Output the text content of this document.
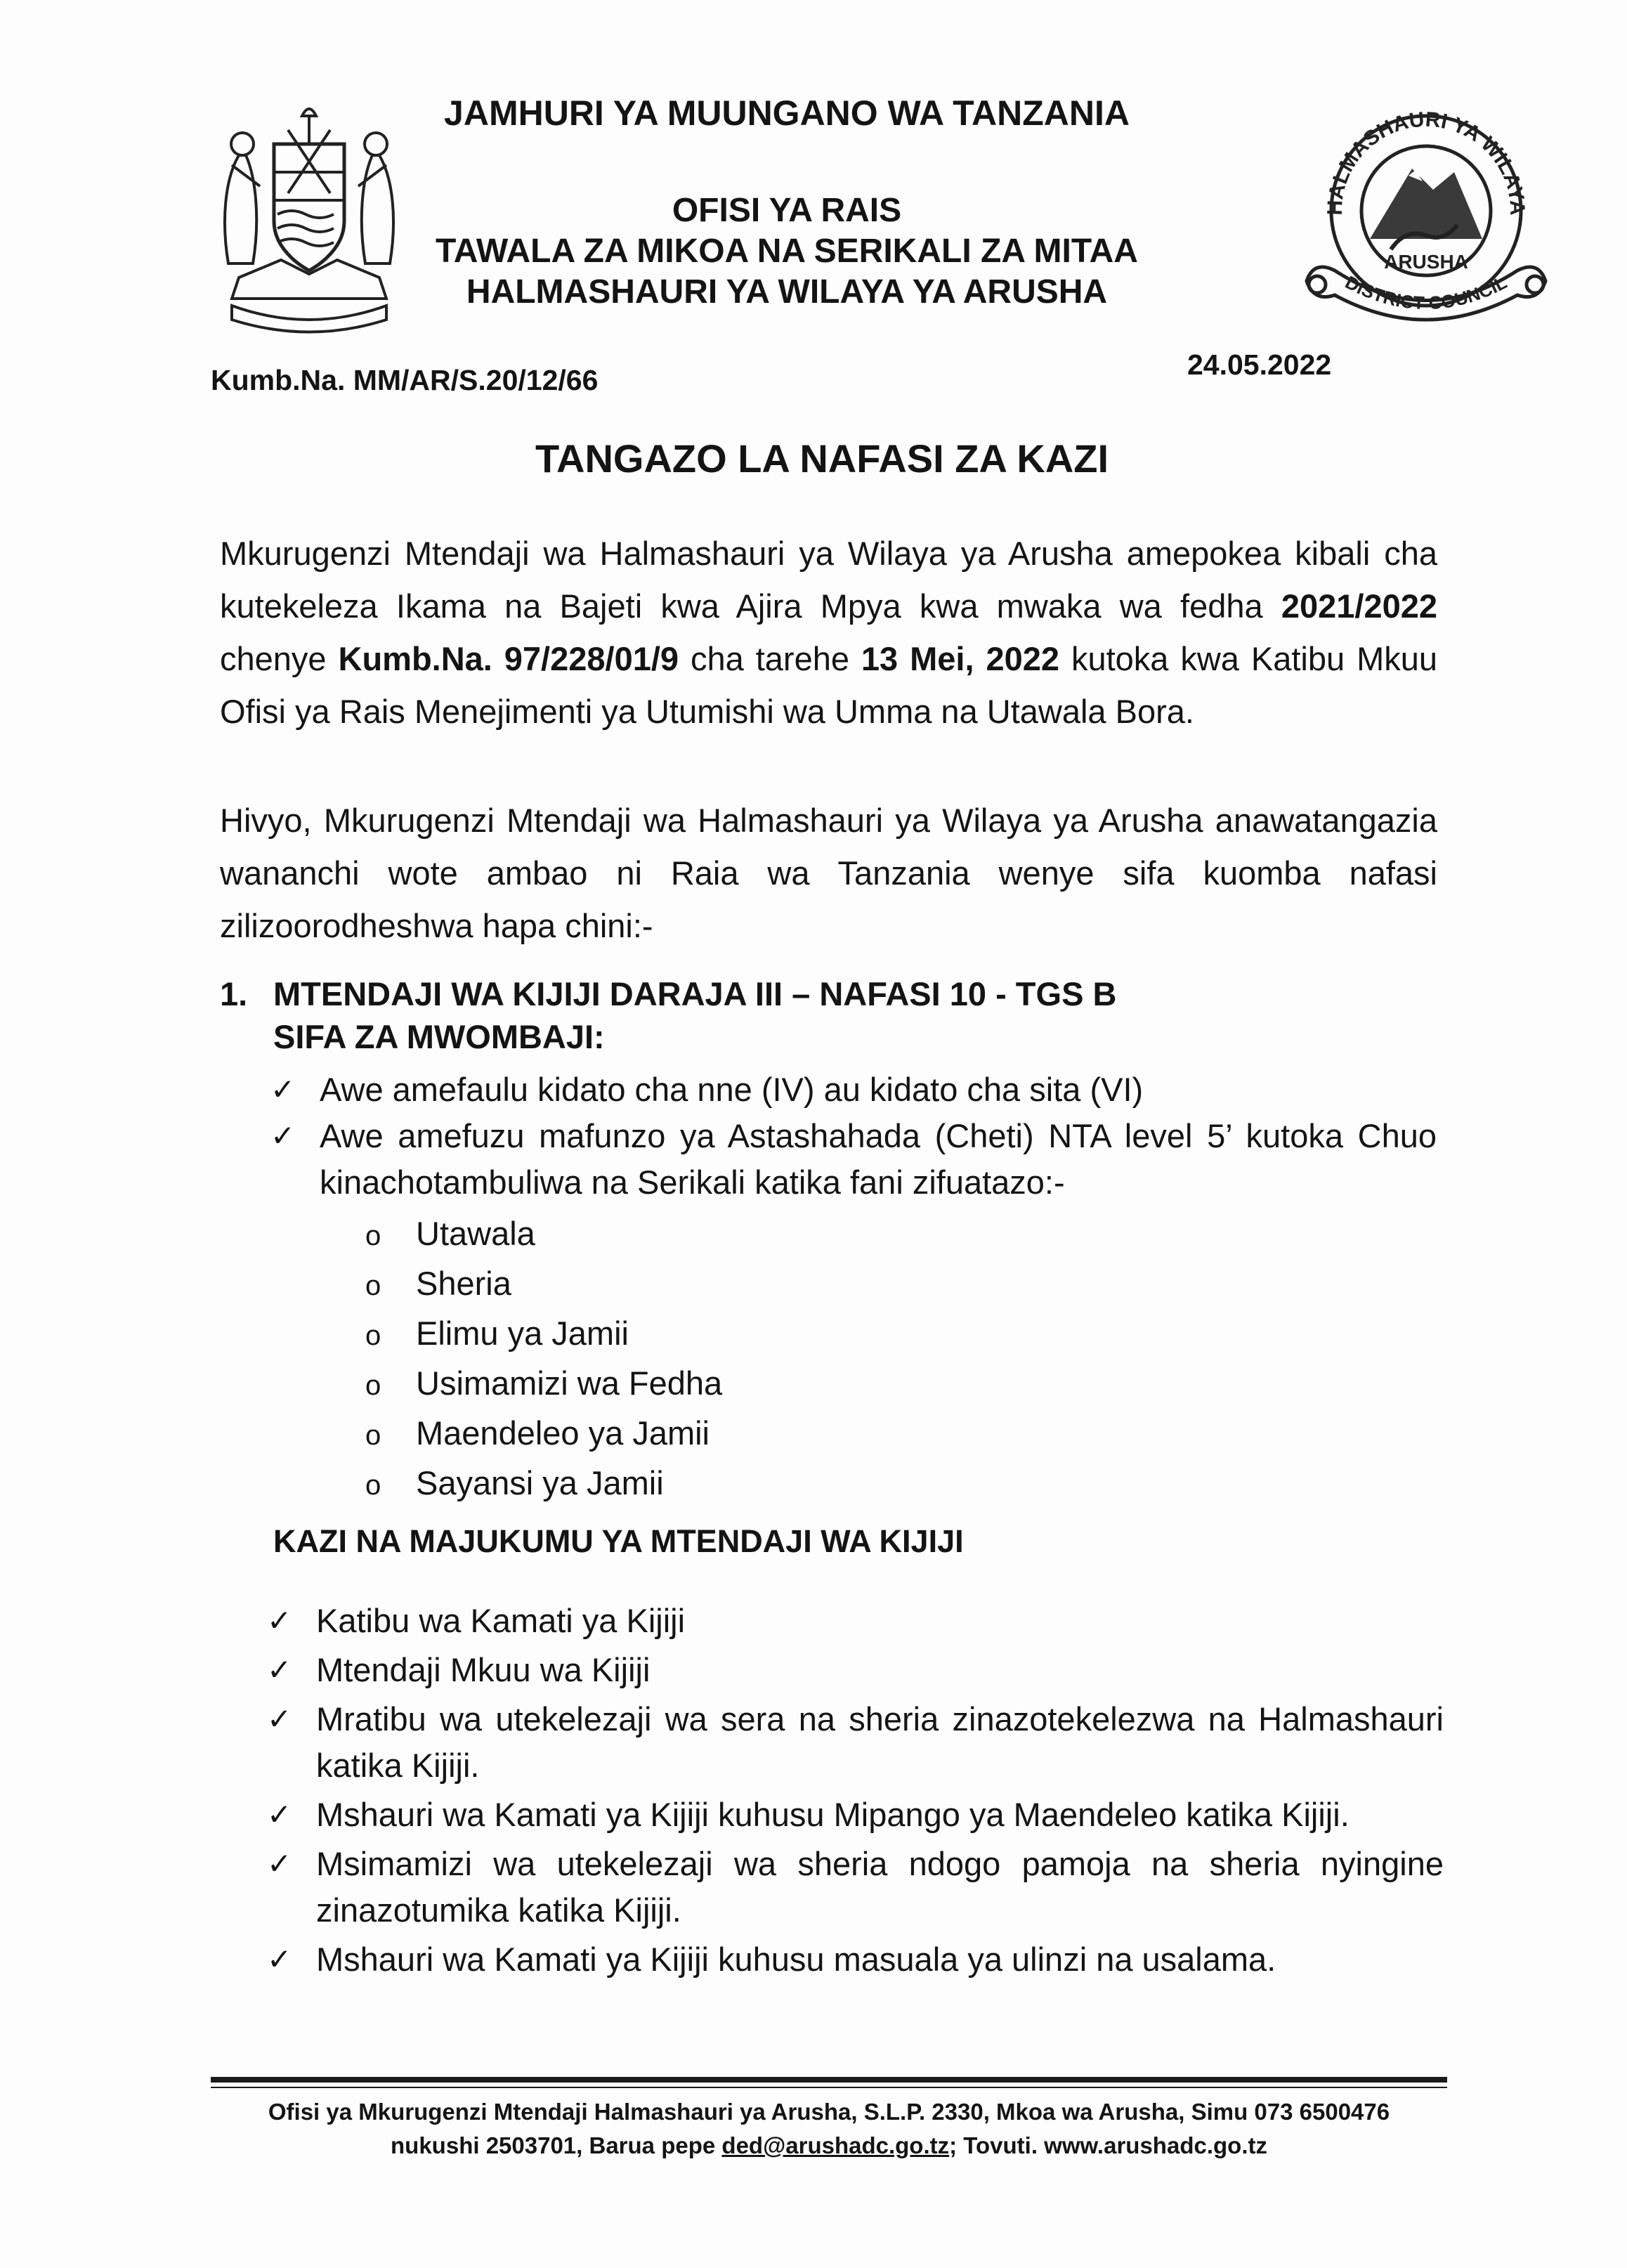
HALMASHAURI YA WILAYA
ARUSHA
DISTRICT COUNCIL
JAMHURI YA MUUNGANO WA TANZANIA
OFISI YA RAIS
TAWALA ZA MIKOA NA SERIKALI ZA MITAA
HALMASHAURI YA WILAYA YA ARUSHA
Kumb.Na. MM/AR/S.20/12/66	24.05.2022
TANGAZO LA NAFASI ZA KAZI
Mkurugenzi Mtendaji wa Halmashauri ya Wilaya ya Arusha amepokea kibali cha kutekeleza Ikama na Bajeti kwa Ajira Mpya kwa mwaka wa fedha 2021/2022 chenye Kumb.Na. 97/228/01/9 cha tarehe 13 Mei, 2022 kutoka kwa Katibu Mkuu Ofisi ya Rais Menejimenti ya Utumishi wa Umma na Utawala Bora.
Hivyo, Mkurugenzi Mtendaji wa Halmashauri ya Wilaya ya Arusha anawatangazia wananchi wote ambao ni Raia wa Tanzania wenye sifa kuomba nafasi zilizoorodheshwa hapa chini:-
1. MTENDAJI WA KIJIJI DARAJA III – NAFASI 10 - TGS B
SIFA ZA MWOMBAJI:
✓ Awe amefaulu kidato cha nne (IV) au kidato cha sita (VI)
✓ Awe amefuzu mafunzo ya Astashahada (Cheti) NTA level 5’ kutoka Chuo kinachotambuliwa na Serikali katika fani zifuatazo:-
o Utawala
o Sheria
o Elimu ya Jamii
o Usimamizi wa Fedha
o Maendeleo ya Jamii
o Sayansi ya Jamii
KAZI NA MAJUKUMU YA MTENDAJI WA KIJIJI
✓ Katibu wa Kamati ya Kijiji
✓ Mtendaji Mkuu wa Kijiji
✓ Mratibu wa utekelezaji wa sera na sheria zinazotekelezwa na Halmashauri katika Kijiji.
✓ Mshauri wa Kamati ya Kijiji kuhusu Mipango ya Maendeleo katika Kijiji.
✓ Msimamizi wa utekelezaji wa sheria ndogo pamoja na sheria nyingine zinazotumika katika Kijiji.
✓ Mshauri wa Kamati ya Kijiji kuhusu masuala ya ulinzi na usalama.
Ofisi ya Mkurugenzi Mtendaji Halmashauri ya Arusha, S.L.P. 2330, Mkoa wa Arusha, Simu 073 6500476
nukushi 2503701, Barua pepe ded@arushadc.go.tz; Tovuti. www.arushadc.go.tz
